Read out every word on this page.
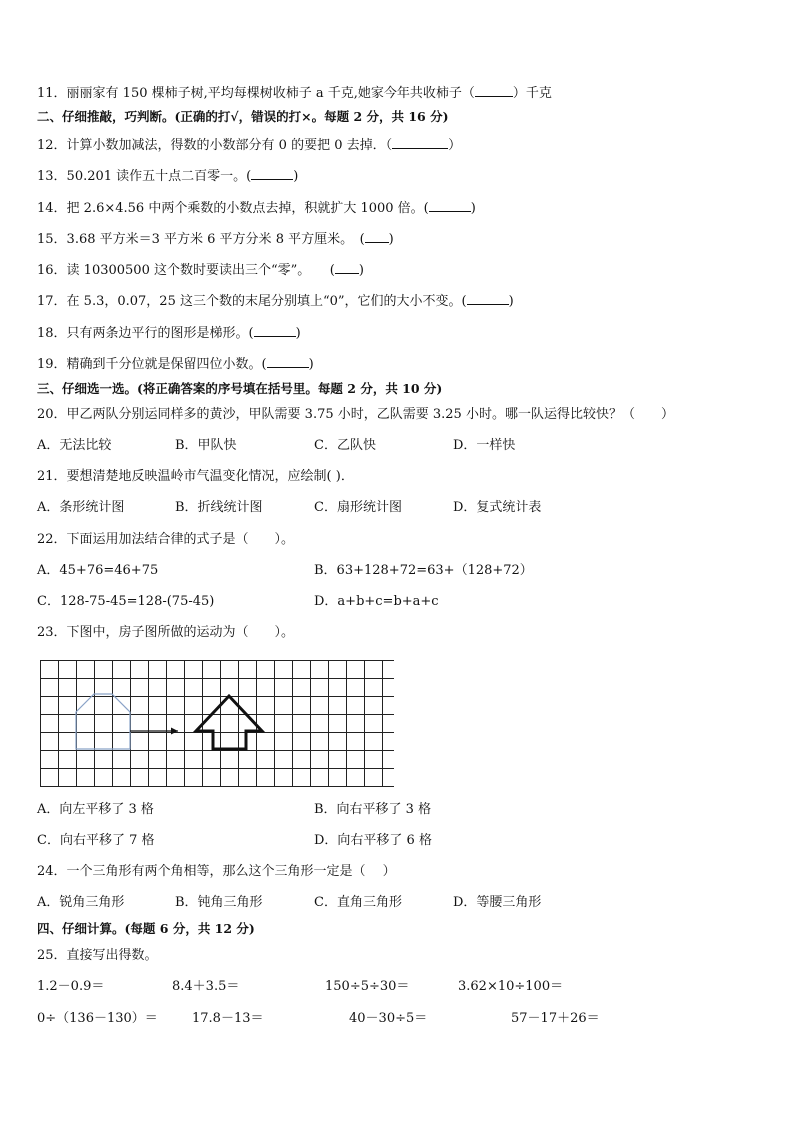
11．丽丽家有 150 棵柿子树,平均每棵树收柿子 a 千克,她家今年共收柿子（	）千克
二、仔细推敲，巧判断。(正确的打√，错误的打×。每题 2 分，共 16 分)
12．计算小数加减法，得数的小数部分有 0 的要把 0 去掉．（	）
13．50.201 读作五十点二百零一。(	)
14．把 2.6×4.56 中两个乘数的小数点去掉，积就扩大 1000 倍。(	)
15．3.68 平方米＝3 平方米 6 平方分米 8 平方厘米。　( )
16．读 10300500 这个数时要读出三个“零”。　　( )
17．在 5.3，0.07，25 这三个数的末尾分别填上“0”，它们的大小不变。(	)
18．只有两条边平行的图形是梯形。(	)
19．精确到千分位就是保留四位小数。(	)
三、仔细选一选。(将正确答案的序号填在括号里。每题 2 分，共 10 分)
20．甲乙两队分别运同样多的黄沙，甲队需要 3.75 小时，乙队需要 3.25 小时。哪一队运得比较快？（　　）
A．无法比较	B．甲队快	C．乙队快	D．一样快
21．要想清楚地反映温岭市气温变化情况，应绘制( )．
A．条形统计图	B．折线统计图	C．扇形统计图	D．复式统计表
22．下面运用加法结合律的式子是（　　）。
A．45+76=46+75	B．63+128+72=63+（128+72）
C．128-75-45=128-(75-45)	D．a+b+c=b+a+c
23．下图中，房子图所做的运动为（　　）。
A．向左平移了 3 格	B．向右平移了 3 格
C．向右平移了 7 格	D．向右平移了 6 格
24．一个三角形有两个角相等，那么这个三角形一定是（　 ）
A．锐角三角形	B．钝角三角形	C．直角三角形	D．等腰三角形
四、仔细计算。(每题 6 分，共 12 分)
25．直接写出得数。
1.2－0.9＝	8.4＋3.5＝	150÷5÷30＝	3.62×10÷100＝
0÷（136－130）＝	17.8－13＝	40－30÷5＝	57－17＋26＝
